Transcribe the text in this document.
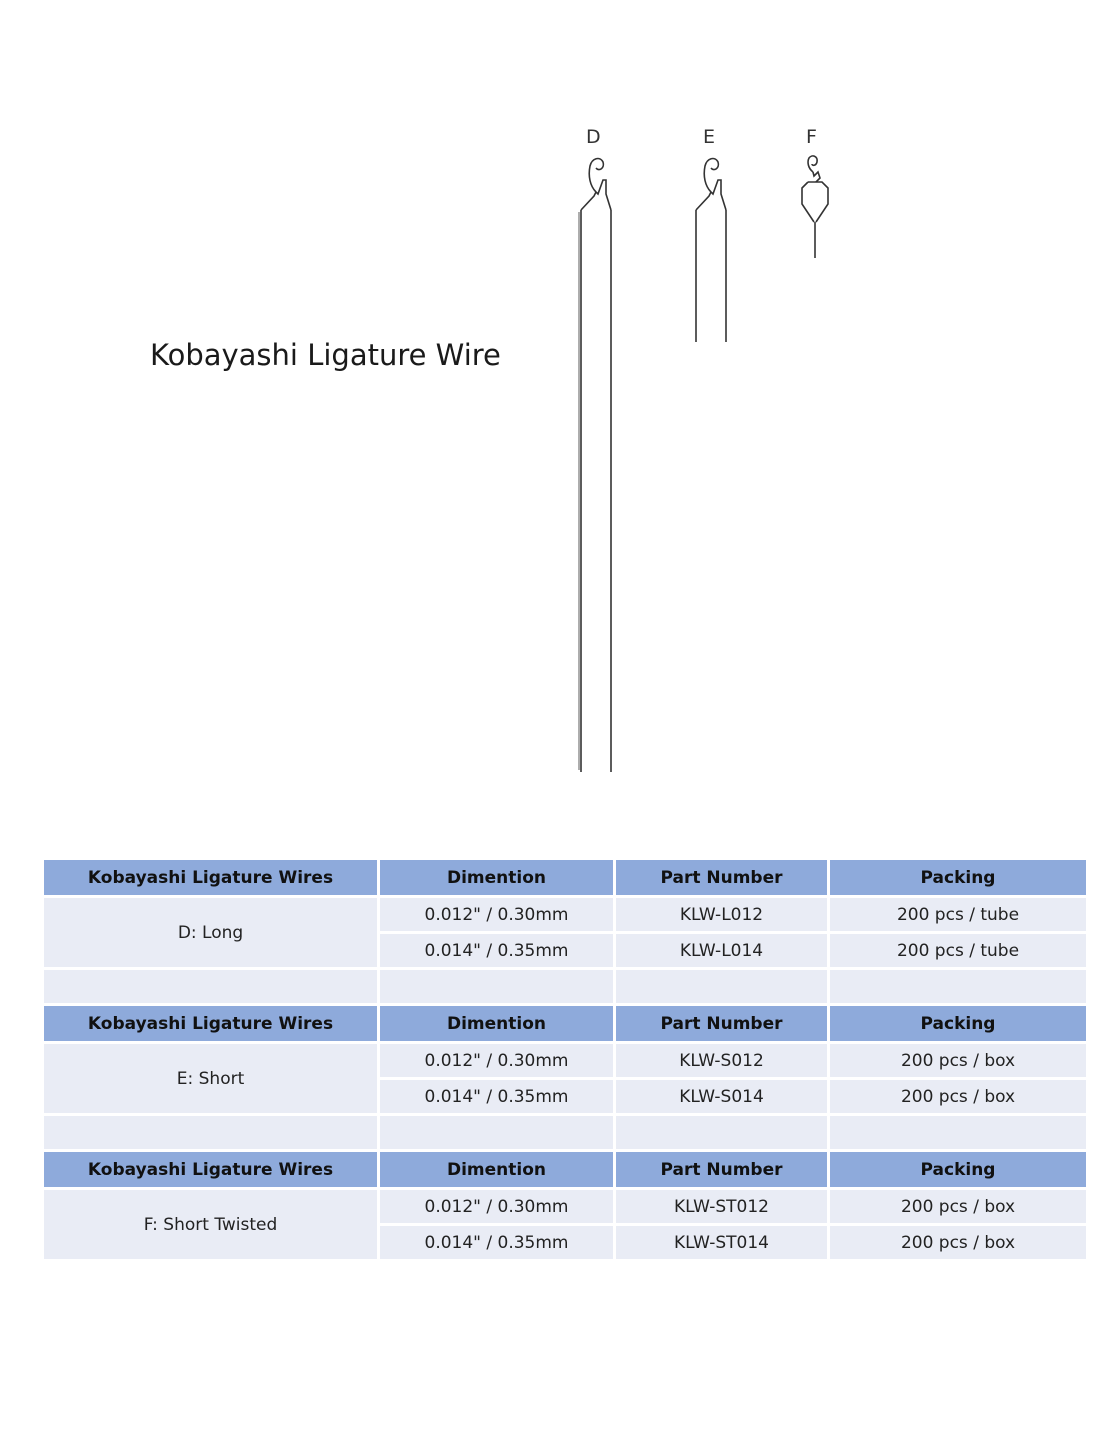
Kobayashi Ligature Wire
D	E	F
Kobayashi Ligature Wires	Dimention	Part Number	Packing
D: Long	0.012" / 0.30mm	KLW-L012	200 pcs / tube
	0.014" / 0.35mm	KLW-L014	200 pcs / tube

Kobayashi Ligature Wires	Dimention	Part Number	Packing
E: Short	0.012" / 0.30mm	KLW-S012	200 pcs / box
	0.014" / 0.35mm	KLW-S014	200 pcs / box

Kobayashi Ligature Wires	Dimention	Part Number	Packing
F: Short Twisted	0.012" / 0.30mm	KLW-ST012	200 pcs / box
	0.014" / 0.35mm	KLW-ST014	200 pcs / box
